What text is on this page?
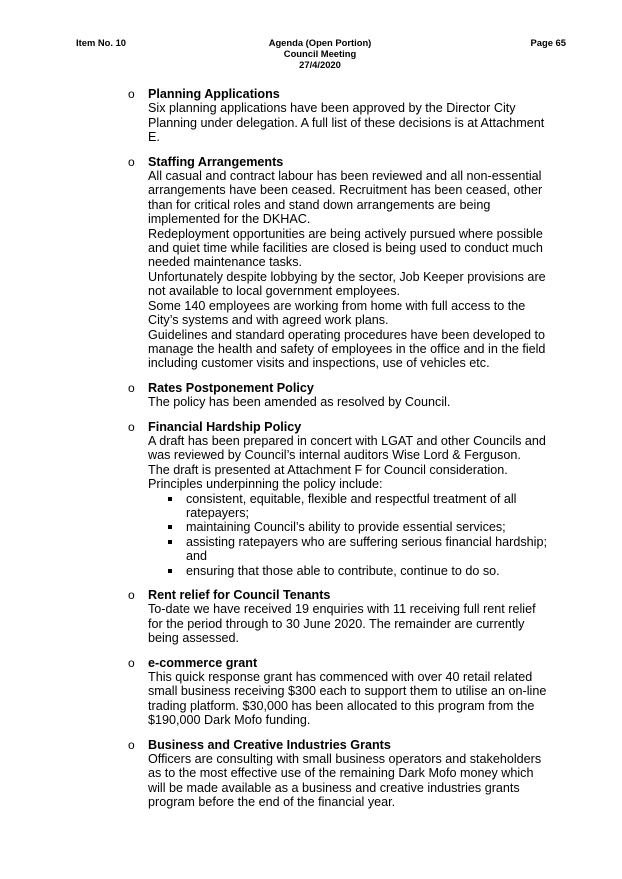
Item No. 10	Agenda (Open Portion)
Council Meeting
27/4/2020
Page 65
o Planning Applications

Six planning applications have been approved by the Director City Planning under delegation. A full list of these decisions is at Attachment E.

o Staffing Arrangements

All casual and contract labour has been reviewed and all non-essential arrangements have been ceased. Recruitment has been ceased, other than for critical roles and stand down arrangements are being implemented for the DKHAC.

Redeployment opportunities are being actively pursued where possible and quiet time while facilities are closed is being used to conduct much needed maintenance tasks.

Unfortunately despite lobbying by the sector, Job Keeper provisions are not available to local government employees.

Some 140 employees are working from home with full access to the City’s systems and with agreed work plans.

Guidelines and standard operating procedures have been developed to manage the health and safety of employees in the office and in the field including customer visits and inspections, use of vehicles etc.

o Rates Postponement Policy

The policy has been amended as resolved by Council.

o Financial Hardship Policy

A draft has been prepared in concert with LGAT and other Councils and was reviewed by Council’s internal auditors Wise Lord & Ferguson.

The draft is presented at Attachment F for Council consideration.

Principles underpinning the policy include:

consistent, equitable, flexible and respectful treatment of all ratepayers;
maintaining Council’s ability to provide essential services;
assisting ratepayers who are suffering serious financial hardship; and
ensuring that those able to contribute, continue to do so.
o Rent relief for Council Tenants

To-date we have received 19 enquiries with 11 receiving full rent relief for the period through to 30 June 2020. The remainder are currently being assessed.

o e-commerce grant

This quick response grant has commenced with over 40 retail related small business receiving $300 each to support them to utilise an on-line trading platform. $30,000 has been allocated to this program from the $190,000 Dark Mofo funding.

o Business and Creative Industries Grants

Officers are consulting with small business operators and stakeholders as to the most effective use of the remaining Dark Mofo money which will be made available as a business and creative industries grants program before the end of the financial year.
